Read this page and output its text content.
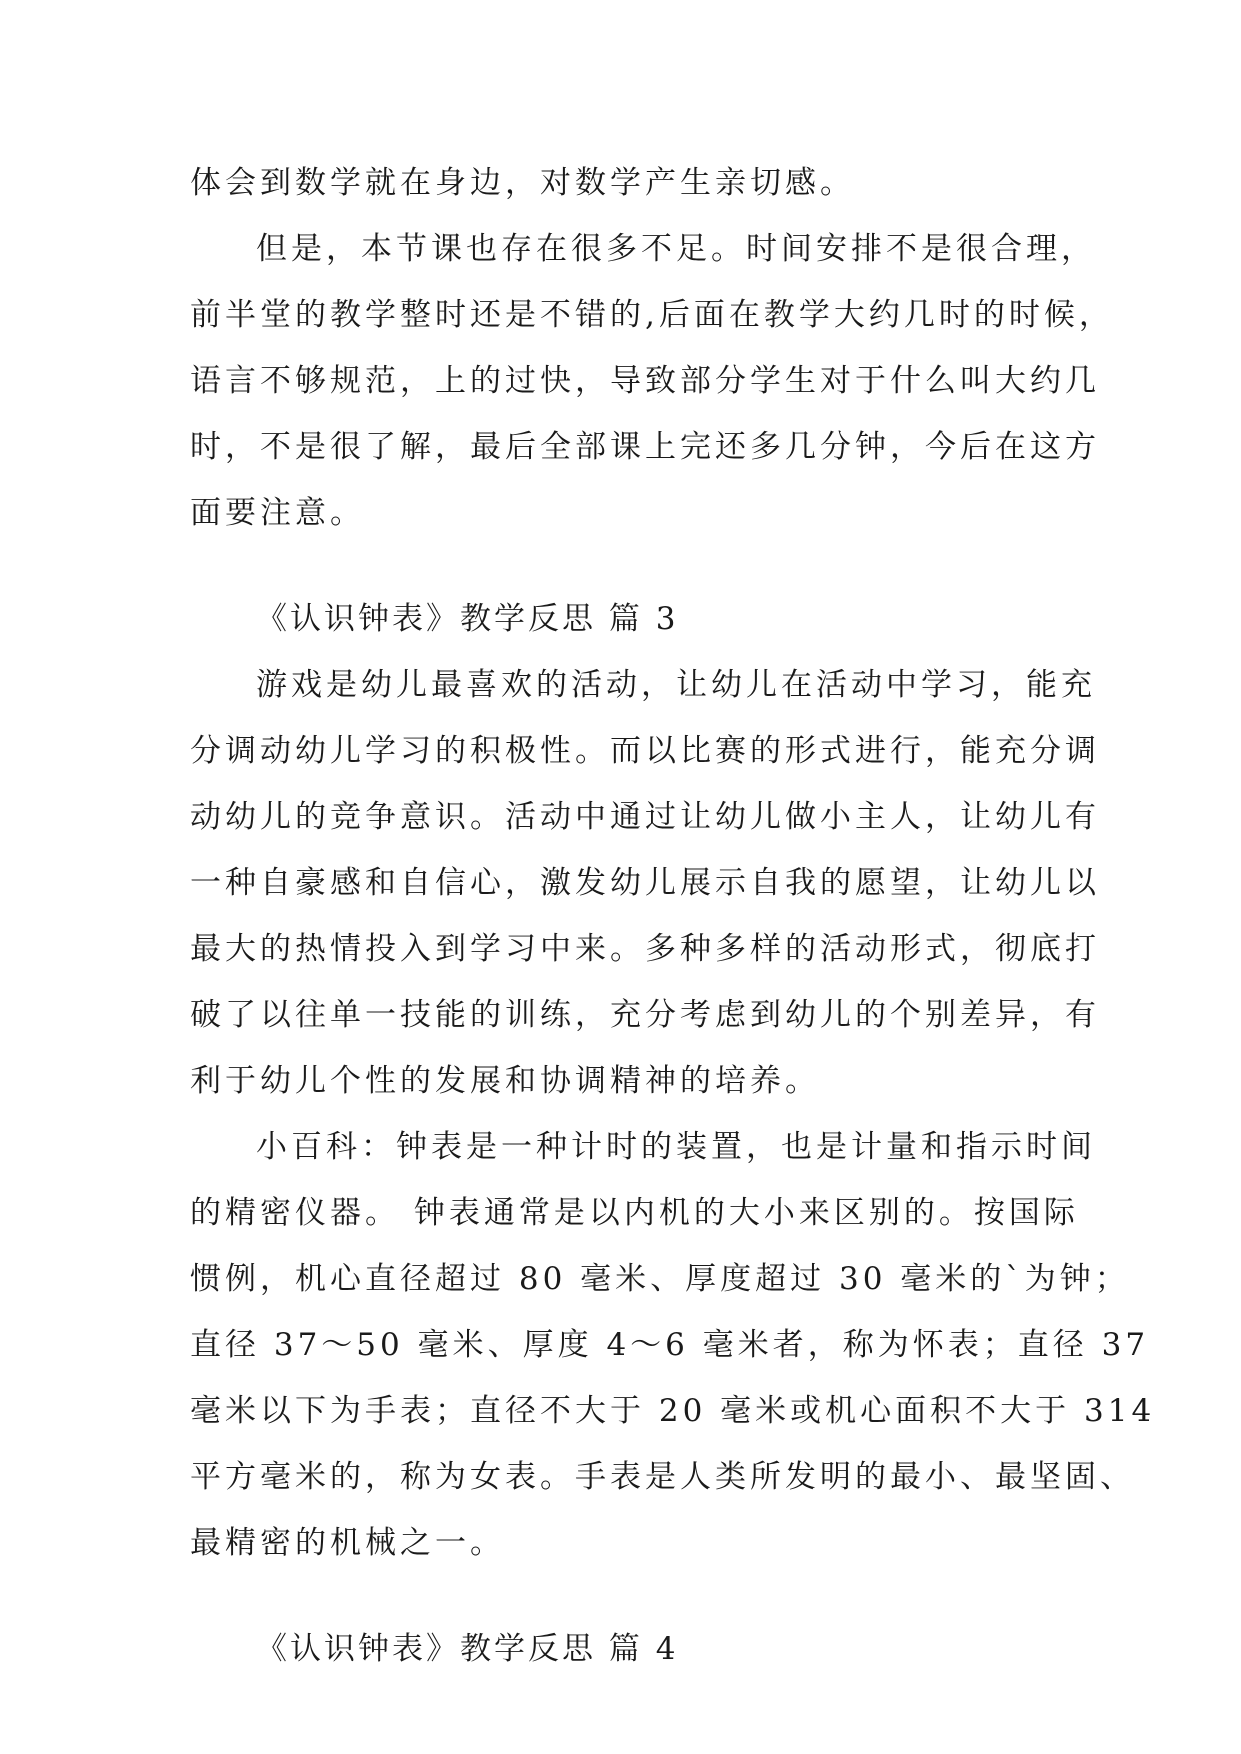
体会到数学就在身边，对数学产生亲切感。
但是，本节课也存在很多不足。时间安排不是很合理，
前半堂的教学整时还是不错的,后面在教学大约几时的时候，
语言不够规范，上的过快，导致部分学生对于什么叫大约几
时，不是很了解，最后全部课上完还多几分钟，今后在这方
面要注意。
《认识钟表》教学反思 篇 3
游戏是幼儿最喜欢的活动，让幼儿在活动中学习，能充
分调动幼儿学习的积极性。而以比赛的形式进行，能充分调
动幼儿的竞争意识。活动中通过让幼儿做小主人，让幼儿有
一种自豪感和自信心，激发幼儿展示自我的愿望，让幼儿以
最大的热情投入到学习中来。多种多样的活动形式，彻底打
破了以往单一技能的训练，充分考虑到幼儿的个别差异，有
利于幼儿个性的发展和协调精神的培养。
小百科：钟表是一种计时的装置，也是计量和指示时间
的精密仪器。 钟表通常是以内机的大小来区别的。按国际
惯例，机心直径超过 80 毫米、厚度超过 30 毫米的`为钟；
直径 37～50 毫米、厚度 4～6 毫米者，称为怀表；直径 37
毫米以下为手表；直径不大于 20 毫米或机心面积不大于 314
平方毫米的，称为女表。手表是人类所发明的最小、最坚固、
最精密的机械之一。
《认识钟表》教学反思 篇 4
